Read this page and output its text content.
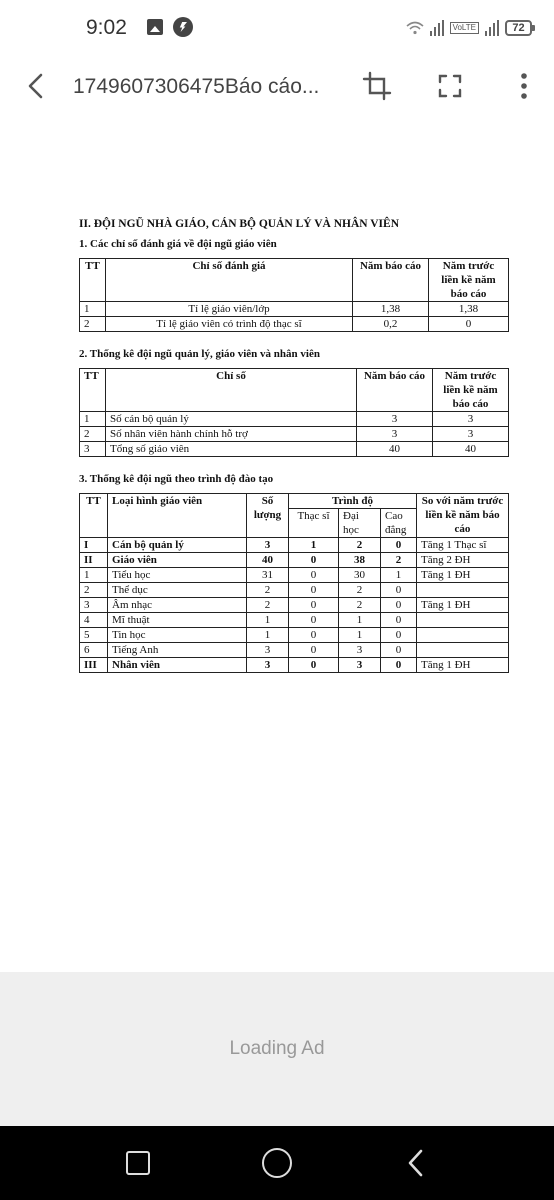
9:02	VoLTE	72
1749607306475Báo cáo...
II. ĐỘI NGŨ NHÀ GIÁO, CÁN BỘ QUẢN LÝ VÀ NHÂN VIÊN
1. Các chỉ số đánh giá về đội ngũ giáo viên
TT	Chỉ số đánh giá	Năm báo cáo	Năm trước liền kề năm báo cáo
1	Tỉ lệ giáo viên/lớp	1,38	1,38
2	Tỉ lệ giáo viên có trình độ thạc sĩ	0,2	0
2. Thống kê đội ngũ quản lý, giáo viên và nhân viên
TT	Chỉ số	Năm báo cáo	Năm trước liền kề năm báo cáo
1	Số cán bộ quản lý	3	3
2	Số nhân viên hành chính hỗ trợ	3	3
3	Tổng số giáo viên	40	40
3. Thống kê đội ngũ theo trình độ đào tạo
TT	Loại hình giáo viên	Số lượng	Trình độ			So với năm trước liền kề năm báo cáo
			Thạc sĩ	Đại học	Cao đẳng	
I	Cán bộ quản lý	3	1	2	0	Tăng 1 Thạc sĩ
II	Giáo viên	40	0	38	2	Tăng 2 ĐH
1	Tiểu học	31	0	30	1	Tăng 1 ĐH
2	Thể dục	2	0	2	0	
3	Âm nhạc	2	0	2	0	Tăng 1 ĐH
4	Mĩ thuật	1	0	1	0	
5	Tin học	1	0	1	0	
6	Tiếng Anh	3	0	3	0	
III	Nhân viên	3	0	3	0	Tăng 1 ĐH
Loading Ad
